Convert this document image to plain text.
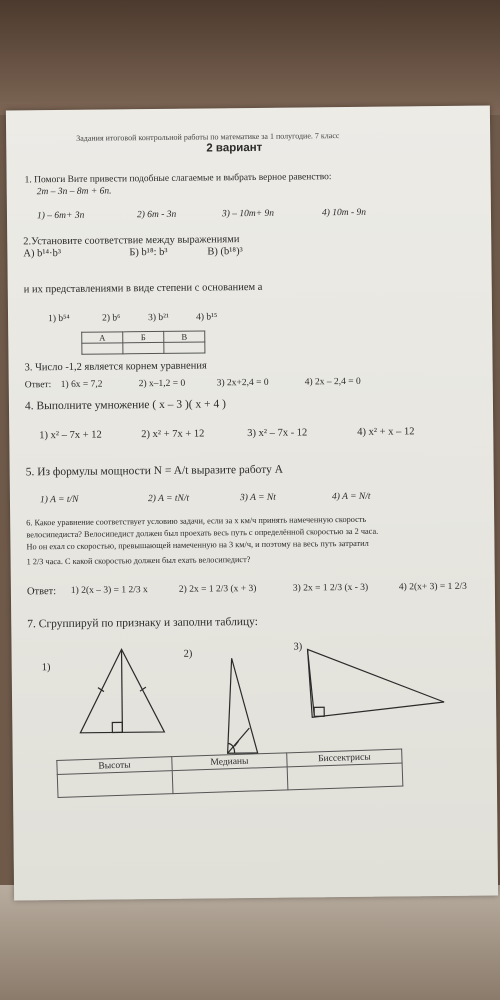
Задания итоговой контрольной работы по математике за 1 полугодие. 7 класс
2 вариант
1. Помоги Вите привести подобные слагаемые и выбрать верное равенство:
2m – 3n – 8m + 6n.
1) – 6m+ 3n	2) 6m - 3n	3) – 10m+ 9n	4) 10m - 9n
2.Установите соответствие между выражениями
А) b¹⁴·b³	Б) b¹⁸: b³	В) (b¹⁸)³
и их представлениями в виде степени с основанием а
1) b⁵⁴	2) b⁶	3) b²¹	4) b¹⁵
А	Б	В

3. Число -1,2 является корнем уравнения
Ответ: 1) 6x = 7,2	2) x–1,2 = 0	3) 2x+2,4 = 0	4) 2x – 2,4 = 0
4. Выполните умножение ( x – 3 )( x + 4 )
1) x² – 7x + 12	2) x² + 7x + 12	3) x² – 7x - 12	4) x² + x – 12
5. Из формулы мощности N = A/t выразите работу А
1) A = t/N	2) A = tN/t	3) A = Nt	4) A = N/t
6. Какое уравнение соответствует условию задачи, если за x км/ч принять намеченную скорость
велосипедиста? Велосипедист должен был проехать весь путь с определённой скоростью за 2 часа.
Но он ехал со скоростью, превышающей намеченную на 3 км/ч, и поэтому на весь путь затратил
1 2/3 часа. С какой скоростью должен был ехать велосипедист?
Ответ: 1) 2(x – 3) = 1 2/3 x	2) 2x = 1 2/3 (x + 3)	3) 2x = 1 2/3 (x - 3)	4) 2(x+ 3) = 1 2/3
7. Сгруппируй по признаку и заполни таблицу:
1)
2)
3)
Высоты	Медианы	Биссектрисы
